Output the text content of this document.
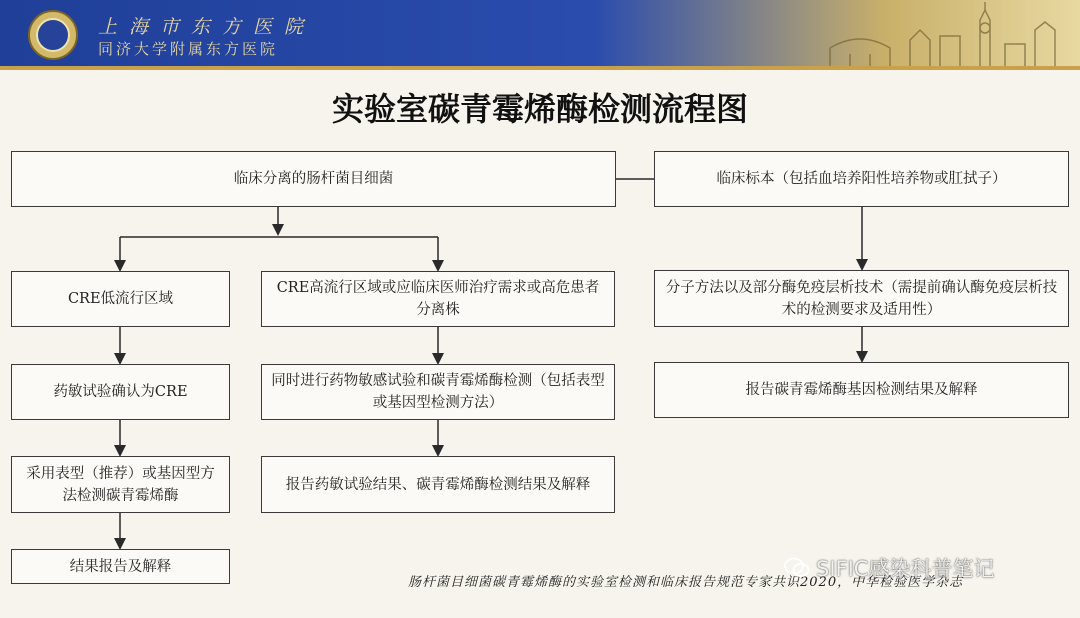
上海市东方医院
同济大学附属东方医院
实验室碳青霉烯酶检测流程图
临床分离的肠杆菌目细菌	临床标本（包括血培养阳性培养物或肛拭子）
CRE低流行区域
CRE高流行区域或应临床医师治疗需求或高危患者分离株
分子方法以及部分酶免疫层析技术（需提前确认酶免疫层析技术的检测要求及适用性）
药敏试验确认为CRE
同时进行药物敏感试验和碳青霉烯酶检测（包括表型或基因型检测方法）
报告碳青霉烯酶基因检测结果及解释
采用表型（推荐）或基因型方法检测碳青霉烯酶
报告药敏试验结果、碳青霉烯酶检测结果及解释
结果报告及解释
肠杆菌目细菌碳青霉烯酶的实验室检测和临床报告规范专家共识2020，中华检验医学杂志
SIFIC感染科普笔记
